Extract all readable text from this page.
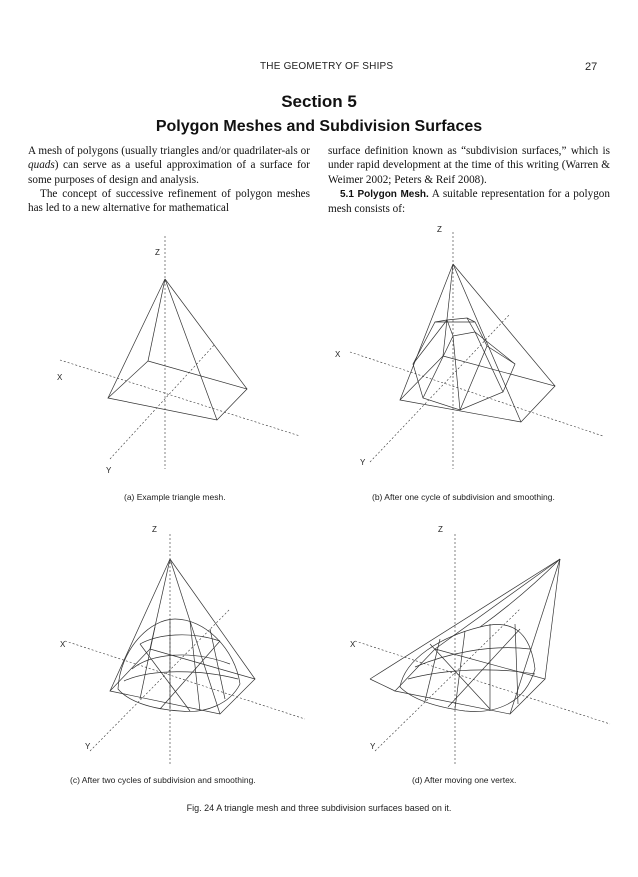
THE GEOMETRY OF SHIPS	27
Section 5
Polygon Meshes and Subdivision Surfaces

A mesh of polygons (usually triangles and/or quadrilater-als or quads) can serve as a useful approximation of a surface for some purposes of design and analysis.

The concept of successive refinement of polygon meshes has led to a new alternative for mathematical

surface definition known as “subdivision surfaces,” which is under rapid development at the time of this writing (Warren & Weimer 2002; Peters & Reif 2008).

5.1 Polygon Mesh. A suitable representation for a polygon mesh consists of:

Z
X
Y
Z
X
Y
Z
X
Y
Z
X
Y
(a) Example triangle mesh.	(b) After one cycle of subdivision and smoothing.
(c) After two cycles of subdivision and smoothing.	(d) After moving one vertex.
Fig. 24 A triangle mesh and three subdivision surfaces based on it.
